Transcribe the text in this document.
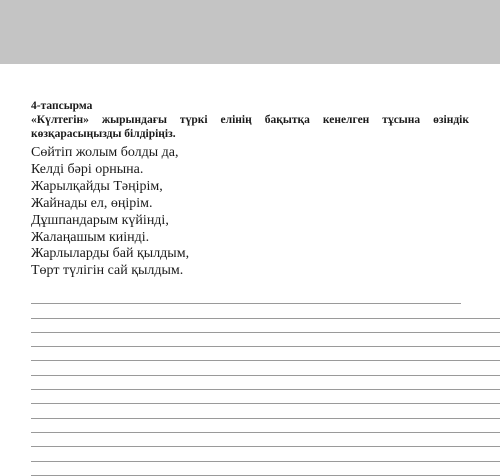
4-тапсырма
«Күлтегін» жырындағы түркі елінің бақытқа кенелген тұсына өзіндік көзқарасыңызды білдіріңіз.
Сөйтіп жолым болды да,
Келді бәрі орнына.
Жарылқайды Тәңірім,
Жайнады ел, өңірім.
Дұшпандарым күйінді,
Жалаңашым киінді.
Жарлыларды бай қылдым,
Төрт түлігін сай қылдым.
